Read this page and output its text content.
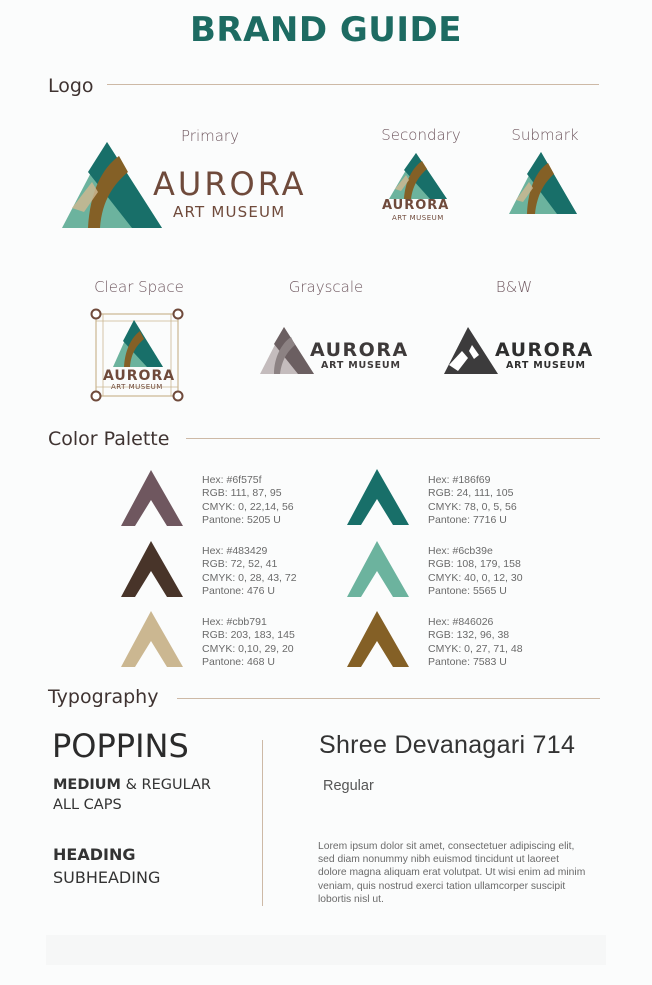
BRAND GUIDE
Logo
Primary	Secondary	Submark
AURORA
ART MUSEUM	AURORA
ART MUSEUM
Clear Space	Grayscale	B&W
AURORA
ART MUSEUM
AURORA
ART MUSEUM
AURORA
ART MUSEUM
Color Palette
Hex: #6f575f
RGB: 111, 87, 95
CMYK: 0, 22,14, 56
Pantone: 5205 U
Hex: #186f69
RGB: 24, 111, 105
CMYK: 78, 0, 5, 56
Pantone: 7716 U
Hex: #483429
RGB: 72, 52, 41
CMYK: 0, 28, 43, 72
Pantone: 476 U
Hex: #6cb39e
RGB: 108, 179, 158
CMYK: 40, 0, 12, 30
Pantone: 5565 U
Hex: #cbb791
RGB: 203, 183, 145
CMYK: 0,10, 29, 20
Pantone: 468 U
Hex: #846026
RGB: 132, 96, 38
CMYK: 0, 27, 71, 48
Pantone: 7583 U
Typography
POPPINS
MEDIUM & REGULAR
ALL CAPS
HEADING
SUBHEADING
Shree Devanagari 714
Regular
Lorem ipsum dolor sit amet, consectetuer adipiscing elit, sed diam nonummy nibh euismod tincidunt ut laoreet dolore magna aliquam erat volutpat. Ut wisi enim ad minim veniam, quis nostrud exerci tation ullamcorper suscipit lobortis nisl ut.
